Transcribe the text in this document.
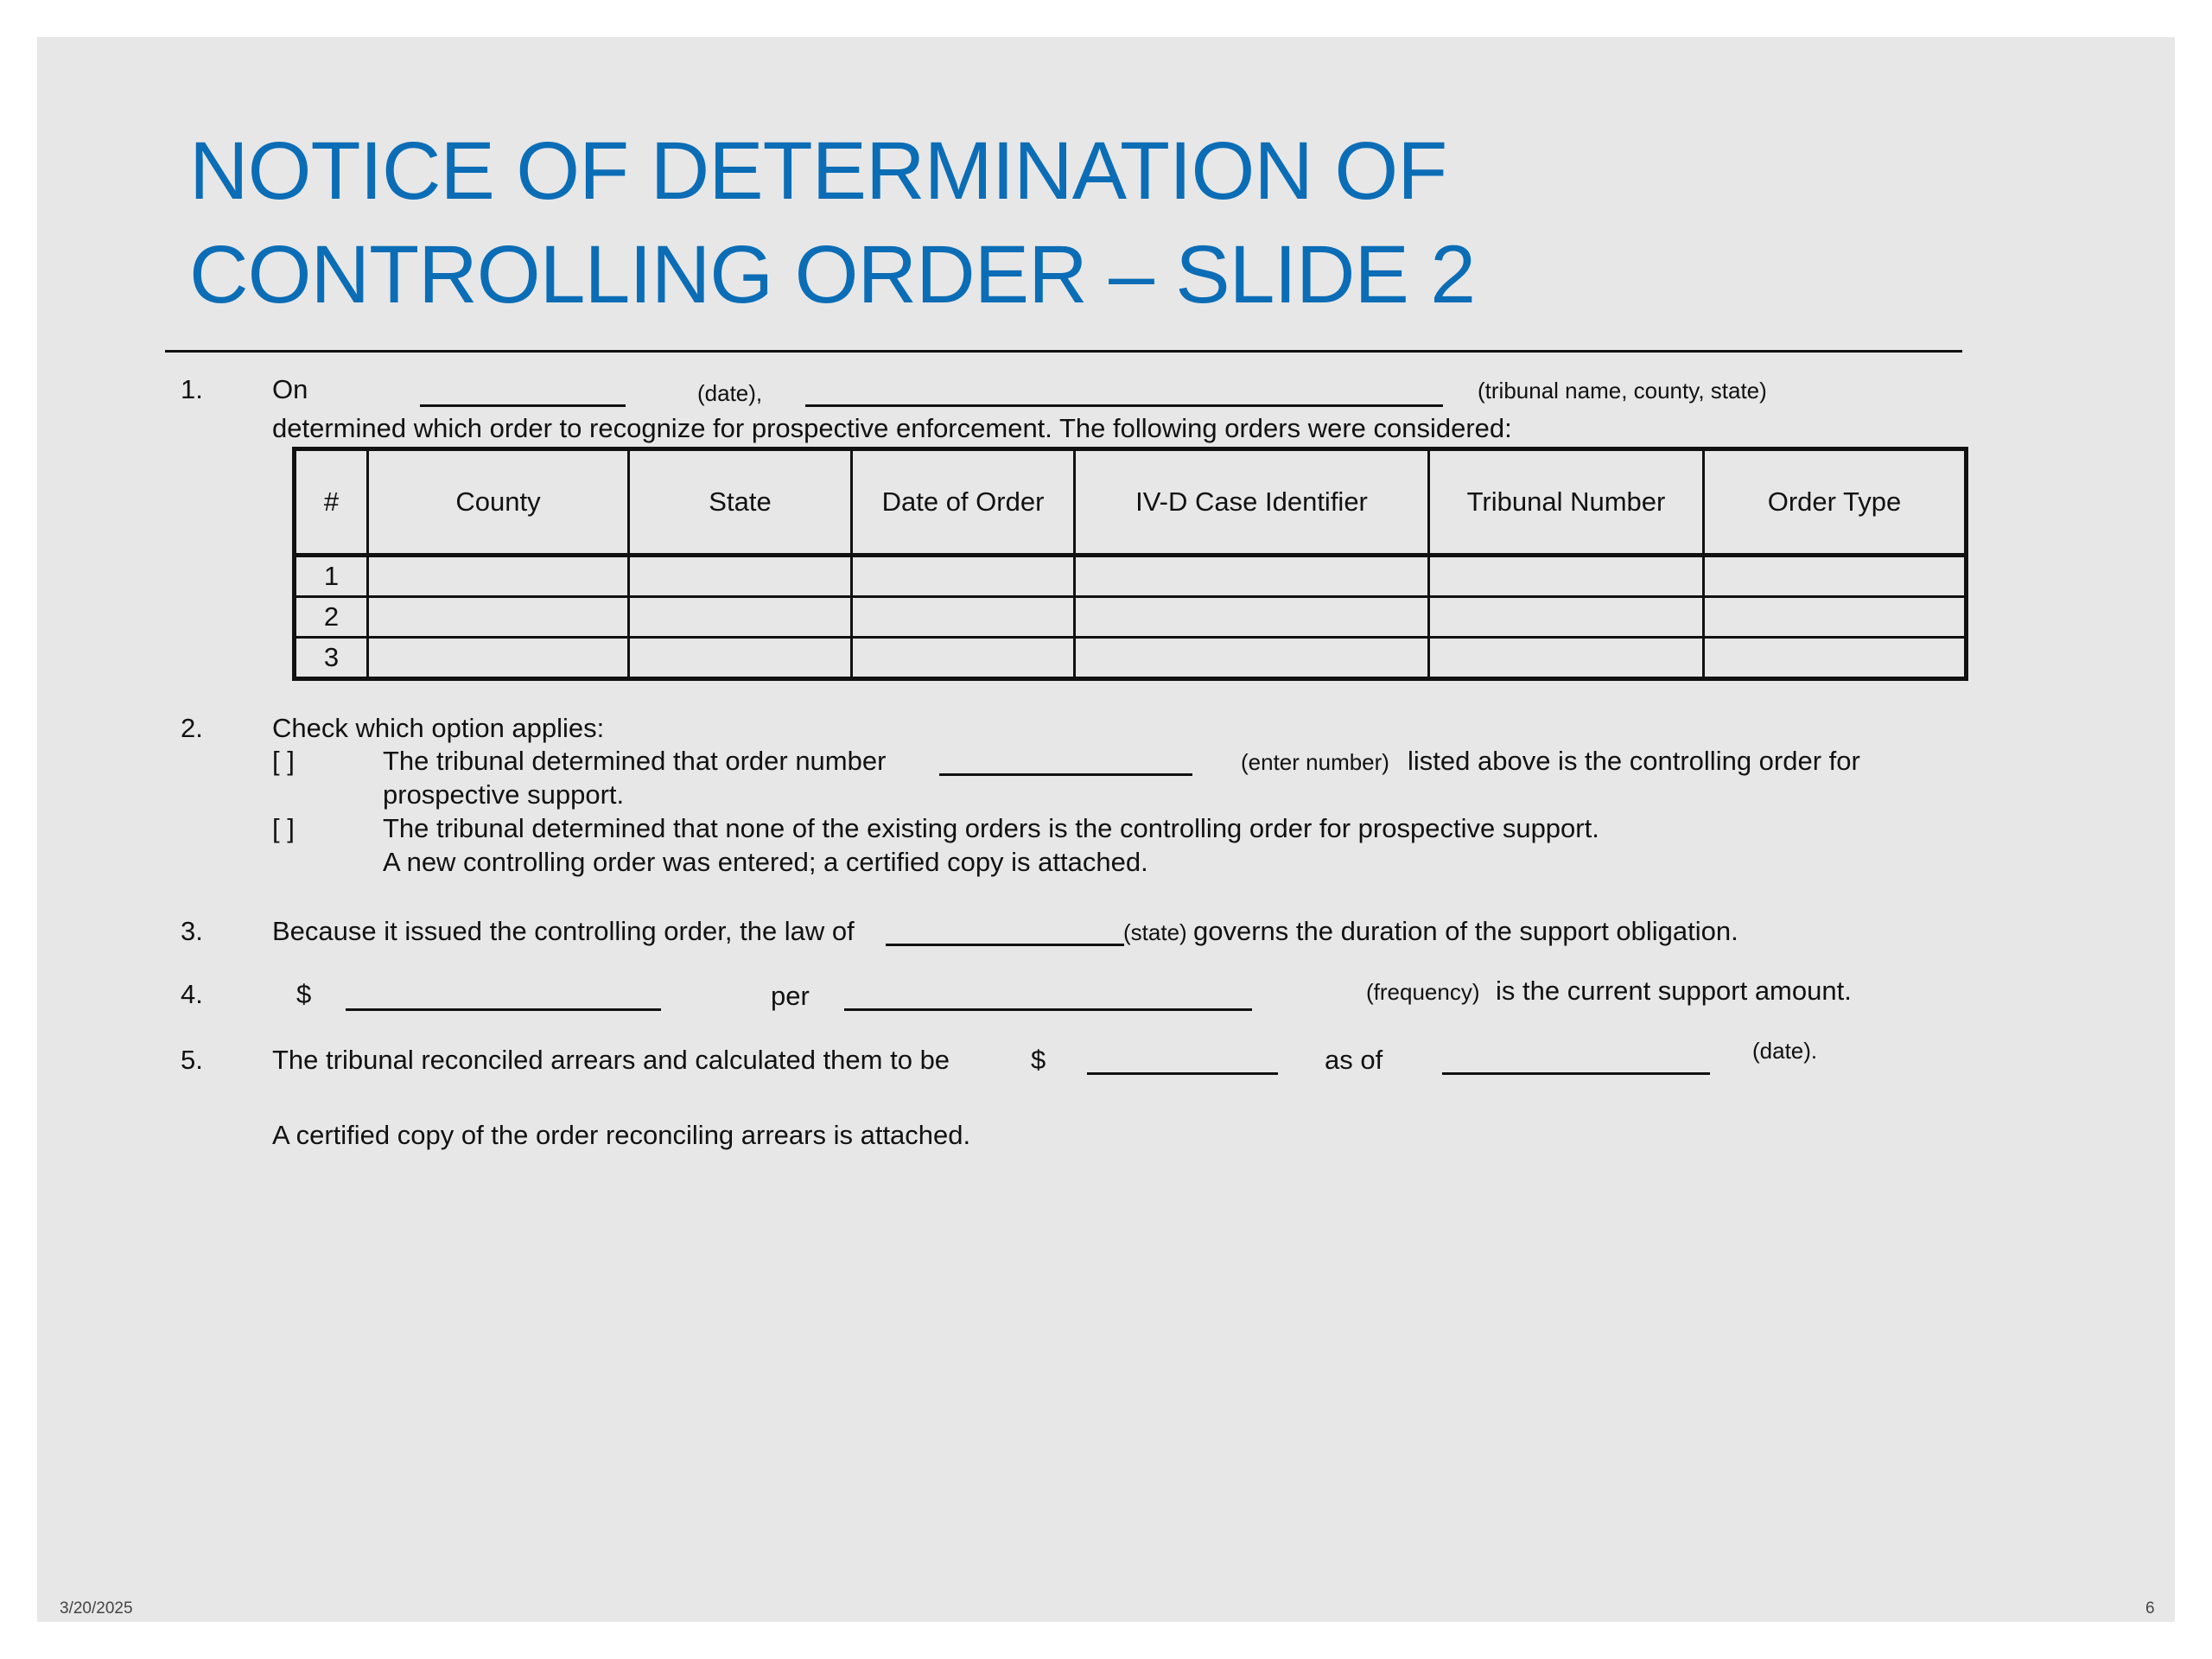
NOTICE OF DETERMINATION OF
CONTROLLING ORDER – SLIDE 2
1.	On	(date),	(tribunal name, county, state)
determined which order to recognize for prospective enforcement. The following orders were considered:
#	County	State	Date of Order	IV-D Case Identifier	Tribunal Number	Order Type
1						
2						
3						
2.	Check which option applies:
[ ]	The tribunal determined that order number	(enter number) listed above is the controlling order for
prospective support.
[ ]	The tribunal determined that none of the existing orders is the controlling order for prospective support.
A new controlling order was entered; a certified copy is attached.
3.	Because it issued the controlling order, the law of	(state) governs the duration of the support obligation.
4.	$	per	(frequency) is the current support amount.
5.	The tribunal reconciled arrears and calculated them to be	$	as of	(date).
A certified copy of the order reconciling arrears is attached.
3/20/2025	6
